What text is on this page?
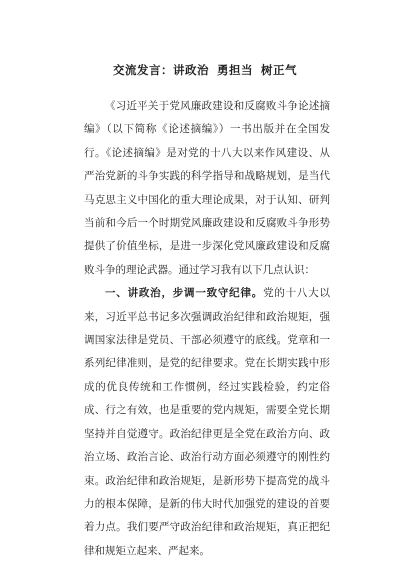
交流发言：讲政治 勇担当 树正气

《习近平关于党风廉政建设和反腐败斗争论述摘编》（以下简称《论述摘编》）一书出版并在全国发行。《论述摘编》是对党的十八大以来作风建设、从严治党新的斗争实践的科学指导和战略规划，是当代马克思主义中国化的重大理论成果，对于认知、研判当前和今后一个时期党风廉政建设和反腐败斗争形势提供了价值坐标，是进一步深化党风廉政建设和反腐败斗争的理论武器。通过学习我有以下几点认识：

一、讲政治，步调一致守纪律。党的十八大以来，习近平总书记多次强调政治纪律和政治规矩，强调国家法律是党员、干部必须遵守的底线。党章和一系列纪律准则，是党的纪律要求。党在长期实践中形成的优良传统和工作惯例，经过实践检验，约定俗成、行之有效，也是重要的党内规矩，需要全党长期坚持并自觉遵守。政治纪律更是全党在政治方向、政治立场、政治言论、政治行动方面必须遵守的刚性约束。政治纪律和政治规矩，是新形势下提高党的战斗力的根本保障，是新的伟大时代加强党的建设的首要着力点。我们要严守政治纪律和政治规矩，真正把纪律和规矩立起来、严起来。
